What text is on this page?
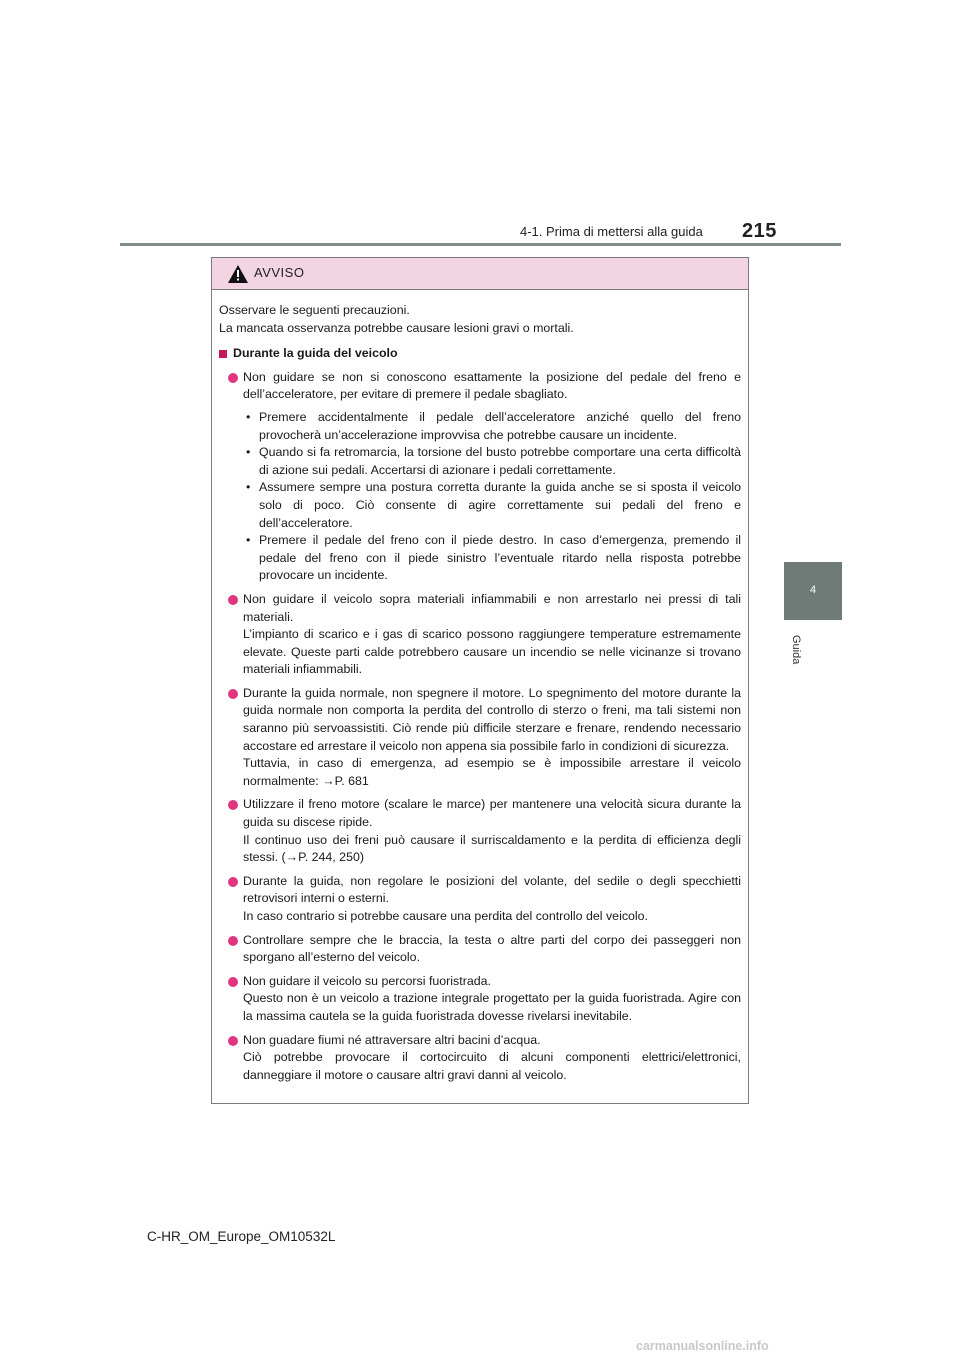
215
4-1. Prima di mettersi alla guida
4
Guida
AVVISO

Osservare le seguenti precauzioni.

La mancata osservanza potrebbe causare lesioni gravi o mortali.

Durante la guida del veicolo

Non guidare se non si conoscono esattamente la posizione del pedale del freno e dell’acceleratore, per evitare di premere il pedale sbagliato.

• Premere accidentalmente il pedale dell’acceleratore anziché quello del freno provocherà un’accelerazione improvvisa che potrebbe causare un incidente.
• Quando si fa retromarcia, la torsione del busto potrebbe comportare una certa difficoltà di azione sui pedali. Accertarsi di azionare i pedali correttamente.
• Assumere sempre una postura corretta durante la guida anche se si sposta il veicolo solo di poco. Ciò consente di agire correttamente sui pedali del freno e dell’acceleratore.
• Premere il pedale del freno con il piede destro. In caso d’emergenza, premendo il pedale del freno con il piede sinistro l’eventuale ritardo nella risposta potrebbe provocare un incidente.

Non guidare il veicolo sopra materiali infiammabili e non arrestarlo nei pressi di tali materiali.

L’impianto di scarico e i gas di scarico possono raggiungere temperature estremamente elevate. Queste parti calde potrebbero causare un incendio se nelle vicinanze si trovano materiali infiammabili.

Durante la guida normale, non spegnere il motore. Lo spegnimento del motore durante la guida normale non comporta la perdita del controllo di sterzo o freni, ma tali sistemi non saranno più servoassistiti. Ciò rende più difficile sterzare e frenare, rendendo necessario accostare ed arrestare il veicolo non appena sia possibile farlo in condizioni di sicurezza.

Tuttavia, in caso di emergenza, ad esempio se è impossibile arrestare il veicolo normalmente: →P. 681

Utilizzare il freno motore (scalare le marce) per mantenere una velocità sicura durante la guida su discese ripide.

Il continuo uso dei freni può causare il surriscaldamento e la perdita di efficienza degli stessi. (→P. 244, 250)

Durante la guida, non regolare le posizioni del volante, del sedile o degli specchietti retrovisori interni o esterni.

In caso contrario si potrebbe causare una perdita del controllo del veicolo.

Controllare sempre che le braccia, la testa o altre parti del corpo dei passeggeri non sporgano all’esterno del veicolo.

Non guidare il veicolo su percorsi fuoristrada.

Questo non è un veicolo a trazione integrale progettato per la guida fuoristrada. Agire con la massima cautela se la guida fuoristrada dovesse rivelarsi inevitabile.

Non guadare fiumi né attraversare altri bacini d’acqua.

Ciò potrebbe provocare il cortocircuito di alcuni componenti elettrici/elettronici, danneggiare il motore o causare altri gravi danni al veicolo.

C-HR_OM_Europe_OM10532L
carmanualsonline.info
